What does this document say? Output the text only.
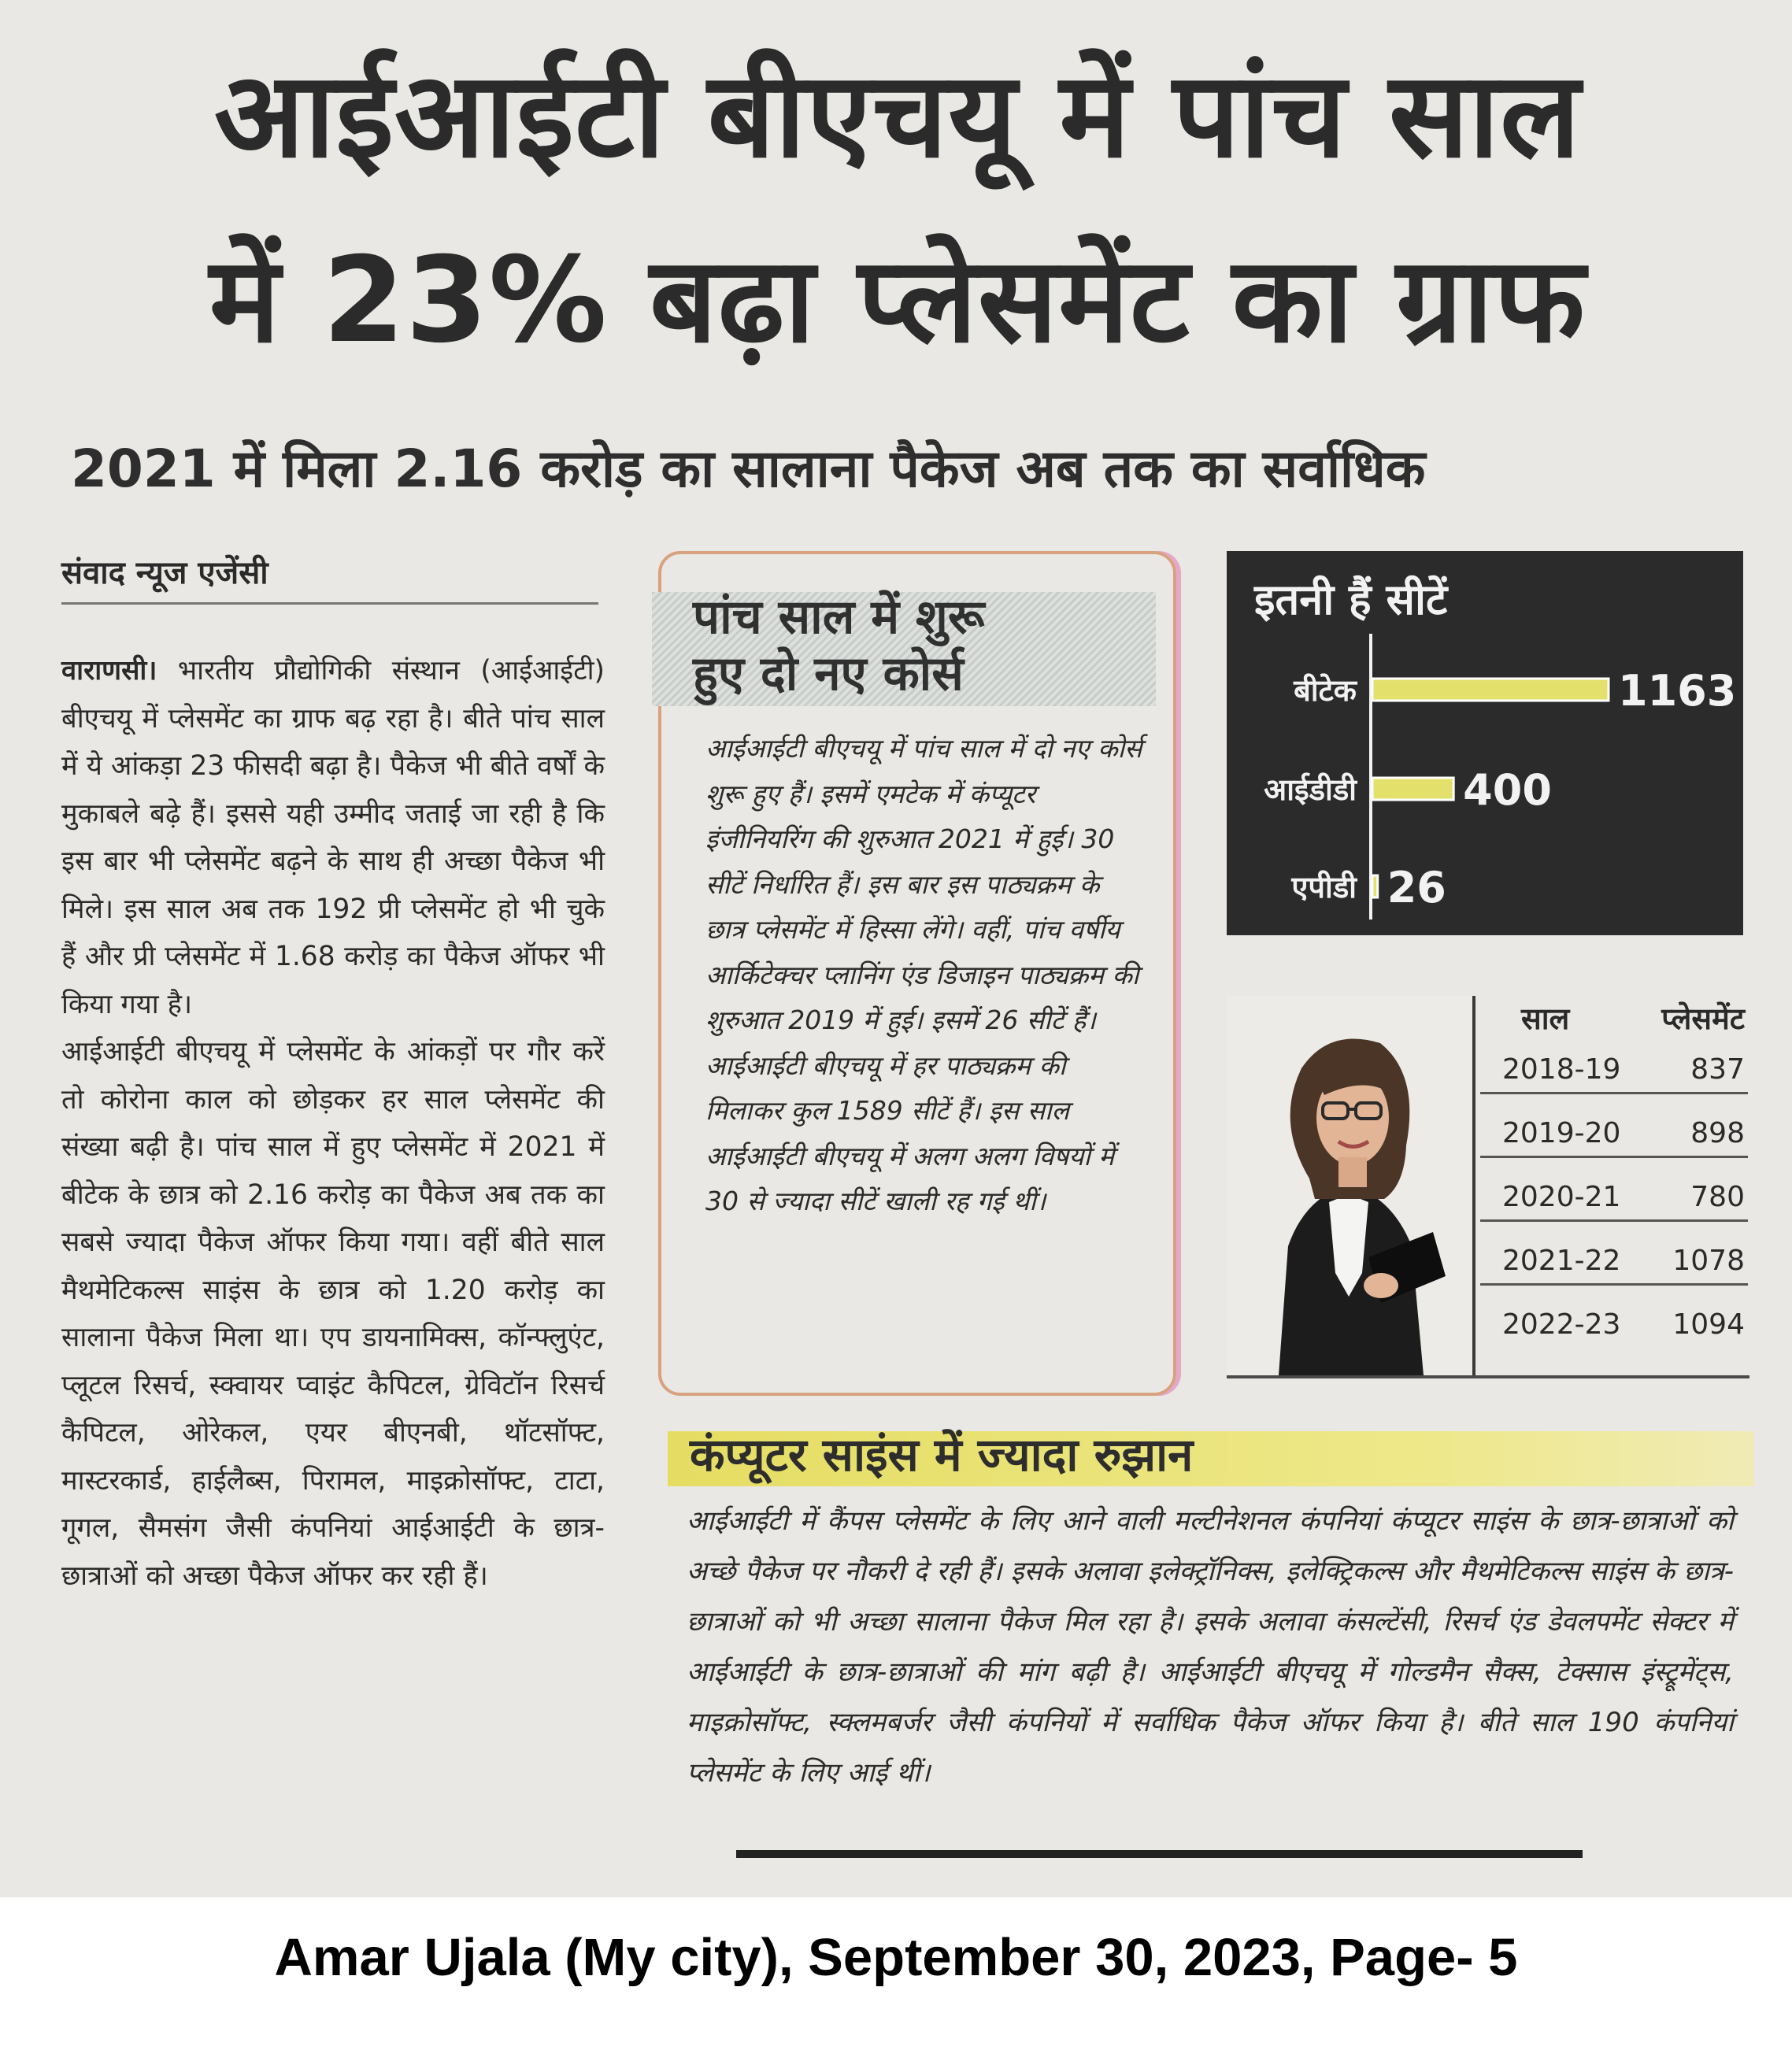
आईआईटी बीएचयू में पांच साल
में 23% बढ़ा प्लेसमेंट का ग्राफ
2021 में मिला 2.16 करोड़ का सालाना पैकेज अब तक का सर्वाधिक
संवाद न्यूज एजेंसी

वाराणसी। भारतीय प्रौद्योगिकी संस्थान (आईआईटी) बीएचयू में प्लेसमेंट का ग्राफ बढ़ रहा है। बीते पांच साल में ये आंकड़ा 23 फीसदी बढ़ा है। पैकेज भी बीते वर्षों के मुकाबले बढ़े हैं। इससे यही उम्मीद जताई जा रही है कि इस बार भी प्लेसमेंट बढ़ने के साथ ही अच्छा पैकेज भी मिले। इस साल अब तक 192 प्री प्लेसमेंट हो भी चुके हैं और प्री प्लेसमेंट में 1.68 करोड़ का पैकेज ऑफर भी किया गया है।

आईआईटी बीएचयू में प्लेसमेंट के आंकड़ों पर गौर करें तो कोरोना काल को छोड़कर हर साल प्लेसमेंट की संख्या बढ़ी है। पांच साल में हुए प्लेसमेंट में 2021 में बीटेक के छात्र को 2.16 करोड़ का पैकेज अब तक का सबसे ज्यादा पैकेज ऑफर किया गया। वहीं बीते साल मैथमेटिकल्स साइंस के छात्र को 1.20 करोड़ का सालाना पैकेज मिला था। एप डायनामिक्स, कॉन्फ्लुएंट, प्लूटल रिसर्च, स्क्वायर प्वाइंट कैपिटल, ग्रेविटॉन रिसर्च कैपिटल, ओरेकल, एयर बीएनबी, थॉटसॉफ्ट, मास्टरकार्ड, हाईलैब्स, पिरामल, माइक्रोसॉफ्ट, टाटा, गूगल, सैमसंग जैसी कंपनियां आईआईटी के छात्र-छात्राओं को अच्छा पैकेज ऑफर कर रही हैं।

पांच साल में शुरू
हुए दो नए कोर्स
आईआईटी बीएचयू में पांच साल में दो नए कोर्स शुरू हुए हैं। इसमें एमटेक में कंप्यूटर इंजीनियरिंग की शुरुआत 2021 में हुई। 30 सीटें निर्धारित हैं। इस बार इस पाठ्यक्रम के छात्र प्लेसमेंट में हिस्सा लेंगे। वहीं, पांच वर्षीय आर्किटेक्चर प्लानिंग एंड डिजाइन पाठ्यक्रम की शुरुआत 2019 में हुई। इसमें 26 सीटें हैं। आईआईटी बीएचयू में हर पाठ्यक्रम की मिलाकर कुल 1589 सीटें हैं। इस साल आईआईटी बीएचयू में अलग अलग विषयों में 30 से ज्यादा सीटें खाली रह गई थीं।
इतनी हैं सीटें
बीटेक	1163
आईडीडी	400
एपीडी 26
साल	प्लेसमेंट
2018-19 837
2019-20 898
2020-21 780
2021-22 1078
2022-23 1094
कंप्यूटर साइंस में ज्यादा रुझान
आईआईटी में कैंपस प्लेसमेंट के लिए आने वाली मल्टीनेशनल कंपनियां कंप्यूटर साइंस के छात्र-छात्राओं को अच्छे पैकेज पर नौकरी दे रही हैं। इसके अलावा इलेक्ट्रॉनिक्स, इलेक्ट्रिकल्स और मैथमेटिकल्स साइंस के छात्र-छात्राओं को भी अच्छा सालाना पैकेज मिल रहा है। इसके अलावा कंसल्टेंसी, रिसर्च एंड डेवलपमेंट सेक्टर में आईआईटी के छात्र-छात्राओं की मांग बढ़ी है। आईआईटी बीएचयू में गोल्डमैन सैक्स, टेक्सास इंस्ट्रूमेंट्स, माइक्रोसॉफ्ट, स्क्लमबर्जर जैसी कंपनियों में सर्वाधिक पैकेज ऑफर किया है। बीते साल 190 कंपनियां प्लेसमेंट के लिए आई थीं।
Amar Ujala (My city), September 30, 2023, Page- 5
